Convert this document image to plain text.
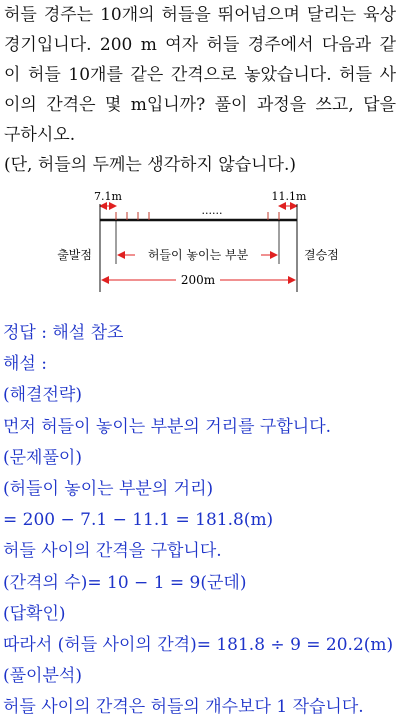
허들 경주는 10개의 허들을 뛰어넘으며 달리는 육상
경기입니다. 200 m 여자 허들 경주에서 다음과 같
이 허들 10개를 같은 간격으로 놓았습니다. 허들 사
이의 간격은 몇 m입니까? 풀이 과정을 쓰고, 답을
구하시오.
(단, 허들의 두께는 생각하지 않습니다.)
7.1m	11.1m
......
출발점	결승점
허들이 놓이는 부분
200m
정답 : 해설 참조
해설 :
(해결전략)
먼저 허들이 놓이는 부분의 거리를 구합니다.
(문제풀이)
(허들이 놓이는 부분의 거리)
= 200 − 7.1 − 11.1 = 181.8(m)
허들 사이의 간격을 구합니다.
(간격의 수)= 10 − 1 = 9(군데)
(답확인)
따라서 (허들 사이의 간격)= 181.8 ÷ 9 = 20.2(m)
(풀이분석)
허들 사이의 간격은 허들의 개수보다 1 작습니다.
